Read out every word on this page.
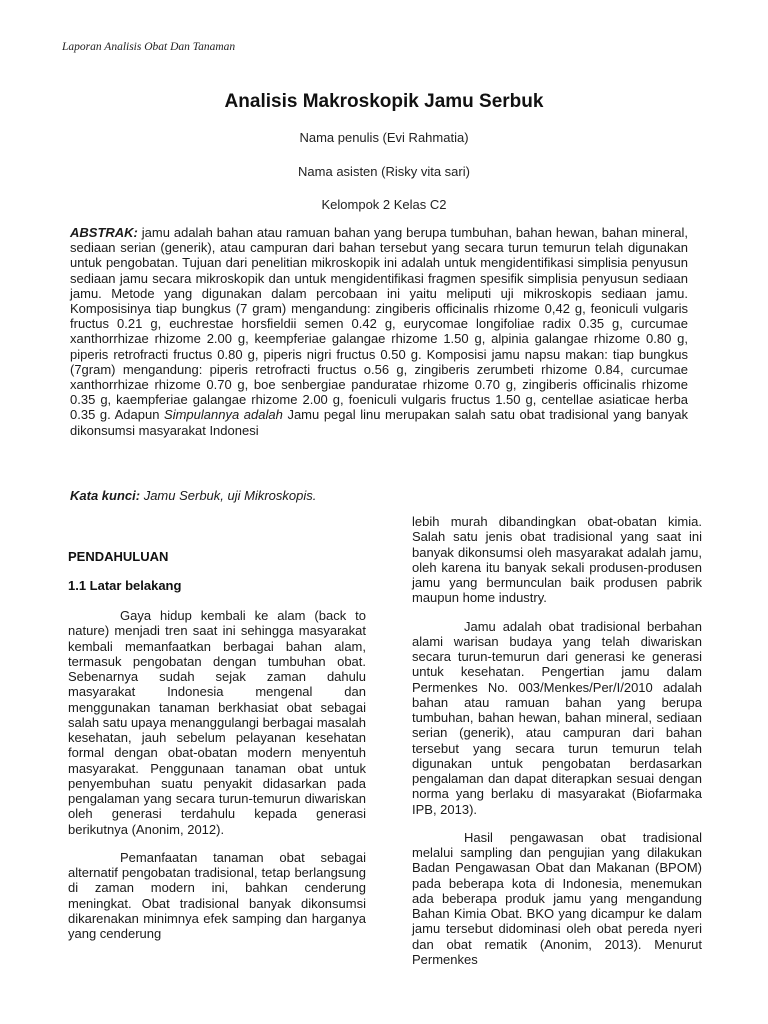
Laporan Analisis Obat Dan Tanaman
Analisis Makroskopik Jamu Serbuk
Nama penulis (Evi Rahmatia)
Nama asisten (Risky vita sari)
Kelompok 2 Kelas C2
ABSTRAK: jamu adalah bahan atau ramuan bahan yang berupa tumbuhan, bahan hewan, bahan mineral, sediaan serian (generik), atau campuran dari bahan tersebut yang secara turun temurun telah digunakan untuk pengobatan. Tujuan dari penelitian mikroskopik ini adalah untuk mengidentifikasi simplisia penyusun sediaan jamu secara mikroskopik dan untuk mengidentifikasi fragmen spesifik simplisia penyusun sediaan jamu. Metode yang digunakan dalam percobaan ini yaitu meliputi uji mikroskopis sediaan jamu. Komposisinya tiap bungkus (7 gram) mengandung: zingiberis officinalis rhizome 0,42 g, feoniculi vulgaris fructus 0.21 g, euchrestae horsfieldii semen 0.42 g, eurycomae longifoliae radix 0.35 g, curcumae xanthorrhizae rhizome 2.00 g, keempferiae galangae rhizome 1.50 g, alpinia galangae rhizome 0.80 g, piperis retrofracti fructus 0.80 g, piperis nigri fructus 0.50 g. Komposisi jamu napsu makan: tiap bungkus (7gram) mengandung: piperis retrofracti fructus o.56 g, zingiberis zerumbeti rhizome 0.84, curcumae xanthorrhizae rhizome 0.70 g, boe senbergiae panduratae rhizome 0.70 g, zingiberis officinalis rhizome 0.35 g, kaempferiae galangae rhizome 2.00 g, foeniculi vulgaris fructus 1.50 g, centellae asiaticae herba 0.35 g. Adapun Simpulannya adalah Jamu pegal linu merupakan salah satu obat tradisional yang banyak dikonsumsi masyarakat Indonesi
Kata kunci: Jamu Serbuk, uji Mikroskopis.
PENDAHULUAN
1.1 Latar belakang

Gaya hidup kembali ke alam (back to nature) menjadi tren saat ini sehingga masyarakat kembali memanfaatkan berbagai bahan alam, termasuk pengobatan dengan tumbuhan obat. Sebenarnya sudah sejak zaman dahulu masyarakat Indonesia mengenal dan menggunakan tanaman berkhasiat obat sebagai salah satu upaya menanggulangi berbagai masalah kesehatan, jauh sebelum pelayanan kesehatan formal dengan obat-obatan modern menyentuh masyarakat. Penggunaan tanaman obat untuk penyembuhan suatu penyakit didasarkan pada pengalaman yang secara turun-temurun diwariskan oleh generasi terdahulu kepada generasi berikutnya (Anonim, 2012).

Pemanfaatan tanaman obat sebagai alternatif pengobatan tradisional, tetap berlangsung di zaman modern ini, bahkan cenderung meningkat. Obat tradisional banyak dikonsumsi dikarenakan minimnya efek samping dan harganya yang cenderung

lebih murah dibandingkan obat-obatan kimia. Salah satu jenis obat tradisional yang saat ini banyak dikonsumsi oleh masyarakat adalah jamu, oleh karena itu banyak sekali produsen-produsen jamu yang bermunculan baik produsen pabrik maupun home industry.

Jamu adalah obat tradisional berbahan alami warisan budaya yang telah diwariskan secara turun-temurun dari generasi ke generasi untuk kesehatan. Pengertian jamu dalam Permenkes No. 003/Menkes/Per/I/2010 adalah bahan atau ramuan bahan yang berupa tumbuhan, bahan hewan, bahan mineral, sediaan serian (generik), atau campuran dari bahan tersebut yang secara turun temurun telah digunakan untuk pengobatan berdasarkan pengalaman dan dapat diterapkan sesuai dengan norma yang berlaku di masyarakat (Biofarmaka IPB, 2013).

Hasil pengawasan obat tradisional melalui sampling dan pengujian yang dilakukan Badan Pengawasan Obat dan Makanan (BPOM) pada beberapa kota di Indonesia, menemukan ada beberapa produk jamu yang mengandung Bahan Kimia Obat. BKO yang dicampur ke dalam jamu tersebut didominasi oleh obat pereda nyeri dan obat rematik (Anonim, 2013). Menurut Permenkes
